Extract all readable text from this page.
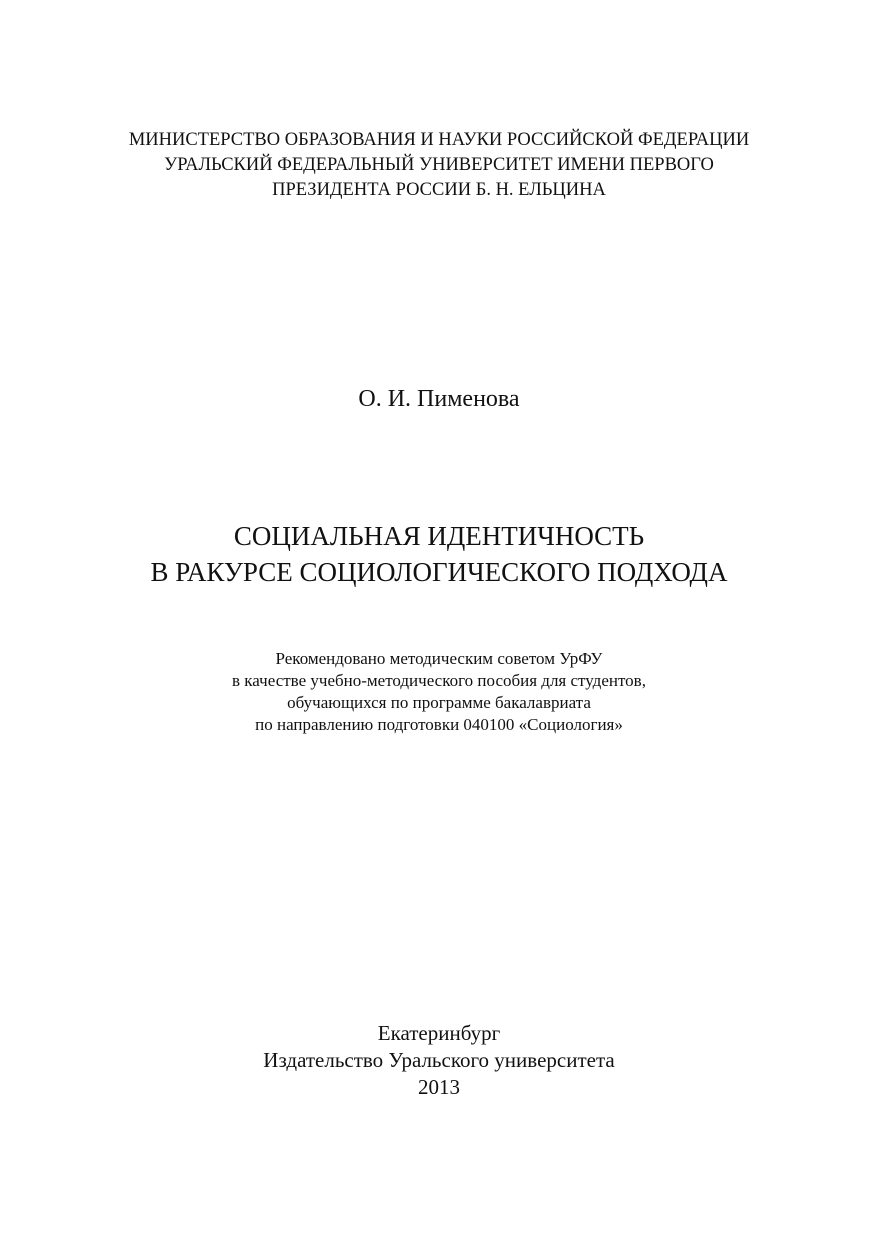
МИНИСТЕРСТВО ОБРАЗОВАНИЯ И НАУКИ РОССИЙСКОЙ ФЕДЕРАЦИИ
УРАЛЬСКИЙ ФЕДЕРАЛЬНЫЙ УНИВЕРСИТЕТ ИМЕНИ ПЕРВОГО
ПРЕЗИДЕНТА РОССИИ Б. Н. ЕЛЬЦИНА
О. И. Пименова
СОЦИАЛЬНАЯ ИДЕНТИЧНОСТЬ
В РАКУРСЕ СОЦИОЛОГИЧЕСКОГО ПОДХОДА
Рекомендовано методическим советом УрФУ
в качестве учебно-методического пособия для студентов,
обучающихся по программе бакалавриата
по направлению подготовки 040100 «Социология»
Екатеринбург
Издательство Уральского университета
2013
